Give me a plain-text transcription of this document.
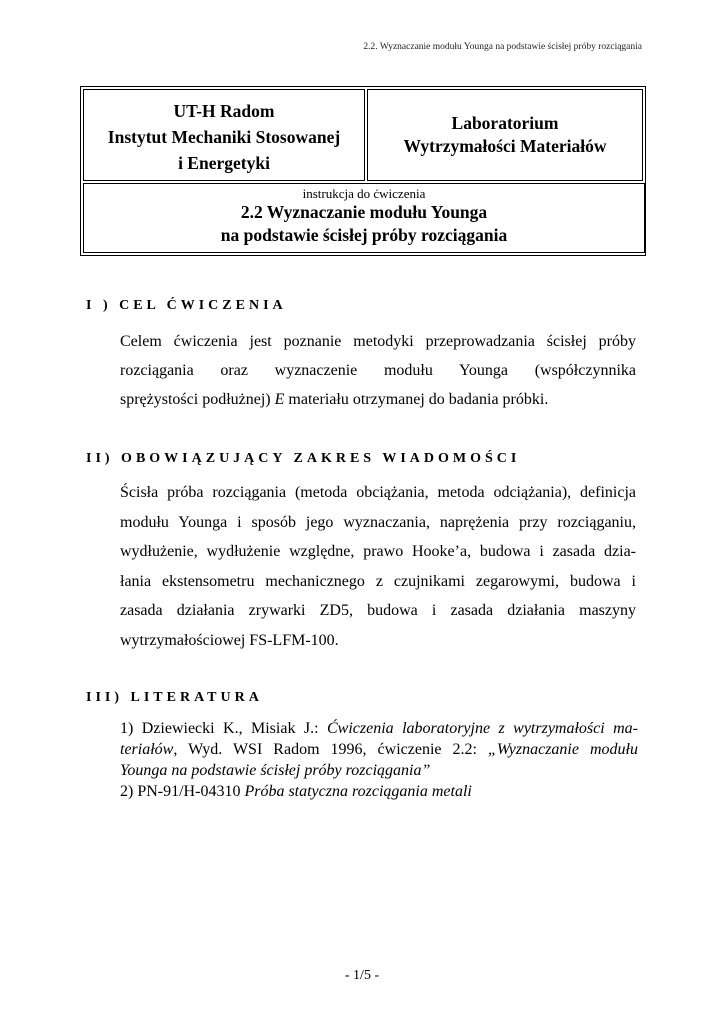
2.2. Wyznaczanie modułu Younga na podstawie ścisłej próby rozciągania
UT-H Radom
Instytut Mechaniki Stosowanej
i Energetyki
Laboratorium
Wytrzymałości Materiałów
instrukcja do ćwiczenia
2.2 Wyznaczanie modułu Younga
na podstawie ścisłej próby rozciągania
I ) CEL ĆWICZENIA
Celem ćwiczenia jest poznanie metodyki przeprowadzania ścisłej próby
rozciągania oraz wyznaczenie modułu Younga (współczynnika
sprężystości podłużnej) E materiału otrzymanej do badania próbki.
II) OBOWIĄZUJĄCY ZAKRES WIADOMOŚCI
Ścisła próba rozciągania (metoda obciążania, metoda odciążania), definicja
modułu Younga i sposób jego wyznaczania, naprężenia przy rozciąganiu,
wydłużenie, wydłużenie względne, prawo Hooke’a, budowa i zasada dzia-
łania ekstensometru mechanicznego z czujnikami zegarowymi, budowa i
zasada działania zrywarki ZD5, budowa i zasada działania maszyny
wytrzymałościowej FS-LFM-100.
III) LITERATURA
1) Dziewiecki K., Misiak J.: Ćwiczenia laboratoryjne z wytrzymałości ma-
teriałów, Wyd. WSI Radom 1996, ćwiczenie 2.2: „Wyznaczanie modułu
Younga na podstawie ścisłej próby rozciągania”
2) PN-91/H-04310 Próba statyczna rozciągania metali
- 1/5 -
